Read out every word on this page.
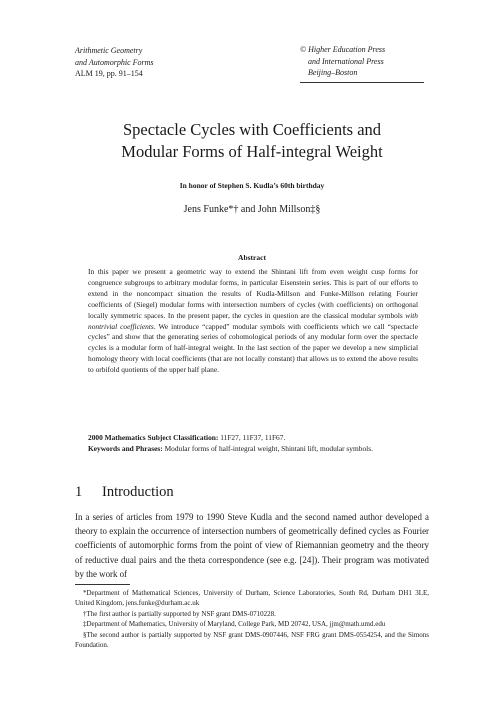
Arithmetic Geometry
and Automorphic Forms
ALM 19, pp. 91–154
© Higher Education Press
and International Press
Beijing–Boston
Spectacle Cycles with Coefficients and
Modular Forms of Half-integral Weight
In honor of Stephen S. Kudla’s 60th birthday
Jens Funke*† and John Millson‡§
Abstract
In this paper we present a geometric way to extend the Shintani lift from even weight cusp forms for congruence subgroups to arbitrary modular forms, in particular Eisenstein series. This is part of our efforts to extend in the noncompact situation the results of Kudla-Millson and Funke-Millson relating Fourier coefficients of (Siegel) modular forms with intersection numbers of cycles (with coefficients) on orthogonal locally symmetric spaces. In the present paper, the cycles in question are the classical modular symbols with nontrivial coefficients. We introduce “capped” modular symbols with coefficients which we call “spectacle cycles” and show that the generating series of cohomological periods of any modular form over the spectacle cycles is a modular form of half-integral weight. In the last section of the paper we develop a new simplicial homology theory with local coefficients (that are not locally constant) that allows us to extend the above results to orbifold quotients of the upper half plane.
2000 Mathematics Subject Classification: 11F27, 11F37, 11F67.
Keywords and Phrases: Modular forms of half-integral weight, Shintani lift, modular symbols.
1 Introduction
In a series of articles from 1979 to 1990 Steve Kudla and the second named author developed a theory to explain the occurrence of intersection numbers of geometrically defined cycles as Fourier coefficients of automorphic forms from the point of view of Riemannian geometry and the theory of reductive dual pairs and the theta correspondence (see e.g. [24]). Their program was motivated by the work of

*Department of Mathematical Sciences, University of Durham, Science Laboratories, South Rd, Durham DH1 3LE, United Kingdom, jens.funke@durham.ac.uk

†The first author is partially supported by NSF grant DMS-0710228.

‡Department of Mathematics, University of Maryland, College Park, MD 20742, USA, jjm@math.umd.edu

§The second author is partially supported by NSF grant DMS-0907446, NSF FRG grant DMS-0554254, and the Simons Foundation.
